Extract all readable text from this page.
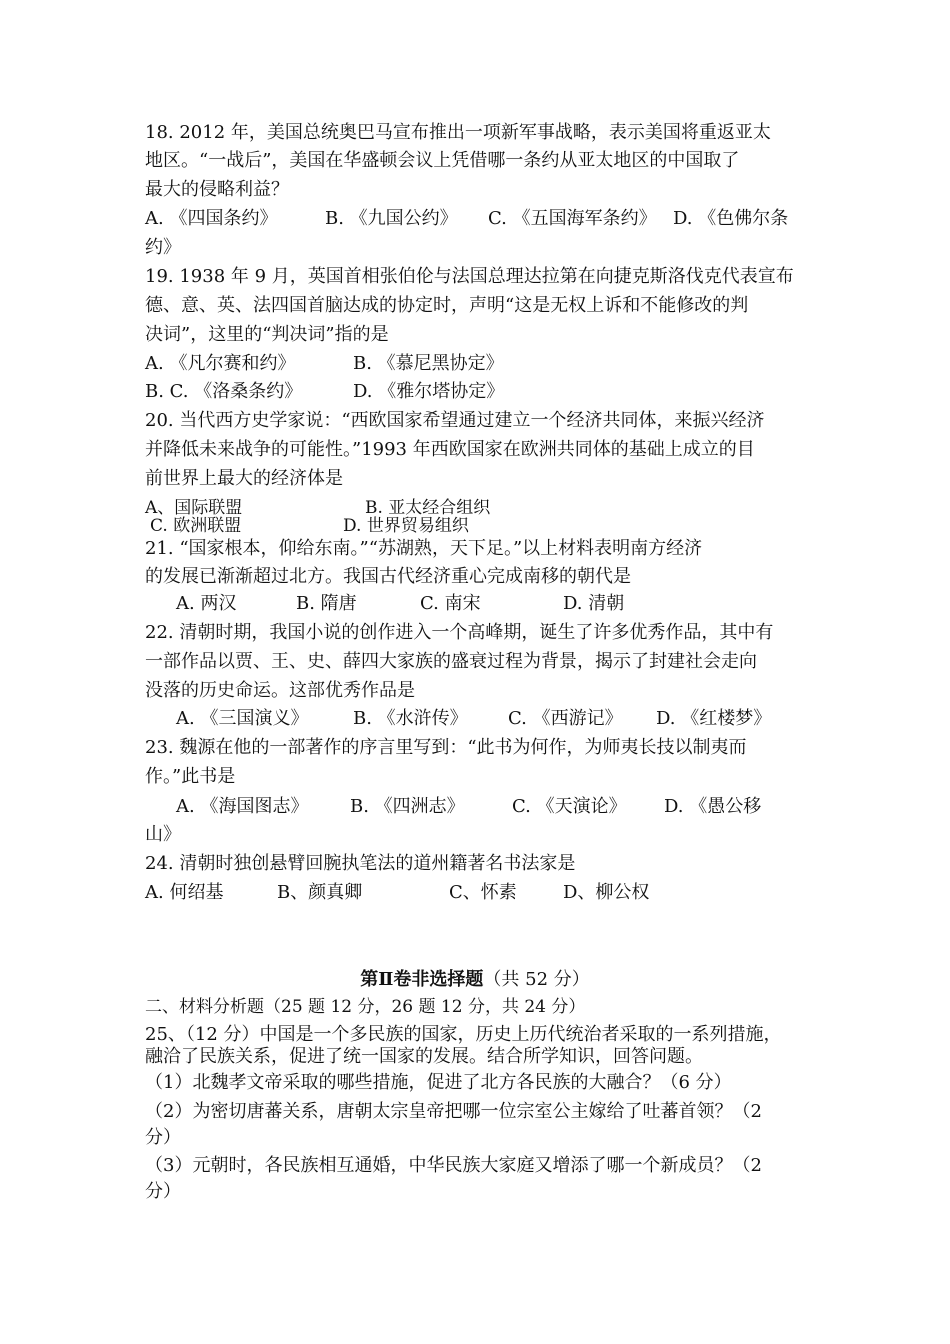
18. 2012 年，美国总统奥巴马宣布推出一项新军事战略，表示美国将重返亚太
地区。“一战后”，美国在华盛顿会议上凭借哪一条约从亚太地区的中国取了
最大的侵略利益？
A. 《四国条约》	B. 《九国公约》 C. 《五国海军条约》 D. 《色佛尔条
约》
19. 1938 年 9 月，英国首相张伯伦与法国总理达拉第在向捷克斯洛伐克代表宣布
德、意、英、法四国首脑达成的协定时，声明“这是无权上诉和不能修改的判
决词”，这里的“判决词”指的是
A. 《凡尔赛和约》	B. 《慕尼黑协定》
B. C. 《洛桑条约》	D. 《雅尔塔协定》
20. 当代西方史学家说：“西欧国家希望通过建立一个经济共同体，来振兴经济
并降低未来战争的可能性。”1993 年西欧国家在欧洲共同体的基础上成立的目
前世界上最大的经济体是
A、国际联盟	B. 亚太经合组织
C. 欧洲联盟	D. 世界贸易组织
21. “国家根本，仰给东南。”“苏湖熟，天下足。”以上材料表明南方经济
的发展已渐渐超过北方。我国古代经济重心完成南移的朝代是
A. 两汉	B. 隋唐	C. 南宋	D. 清朝
22. 清朝时期，我国小说的创作进入一个高峰期，诞生了许多优秀作品，其中有
一部作品以贾、王、史、薛四大家族的盛衰过程为背景，揭示了封建社会走向
没落的历史命运。这部优秀作品是
A. 《三国演义》 B. 《水浒传》 C. 《西游记》 D. 《红楼梦》
23. 魏源在他的一部著作的序言里写到：“此书为何作，为师夷长技以制夷而
作。”此书是
A. 《海国图志》 B. 《四洲志》	C. 《天演论》 D. 《愚公移
山》
24. 清朝时独创悬臂回腕执笔法的道州籍著名书法家是
A. 何绍基	B、颜真卿	C、怀素	D、柳公权
第Ⅱ卷非选择题（共 52 分）
二、材料分析题（25 题 12 分，26 题 12 分，共 24 分）
25、（12 分）中国是一个多民族的国家，历史上历代统治者采取的一系列措施，
融洽了民族关系，促进了统一国家的发展。结合所学知识，回答问题。
（1）北魏孝文帝采取的哪些措施，促进了北方各民族的大融合？（6 分）
（2）为密切唐蕃关系，唐朝太宗皇帝把哪一位宗室公主嫁给了吐蕃首领？（2
分）
（3）元朝时，各民族相互通婚，中华民族大家庭又增添了哪一个新成员？（2
分）
